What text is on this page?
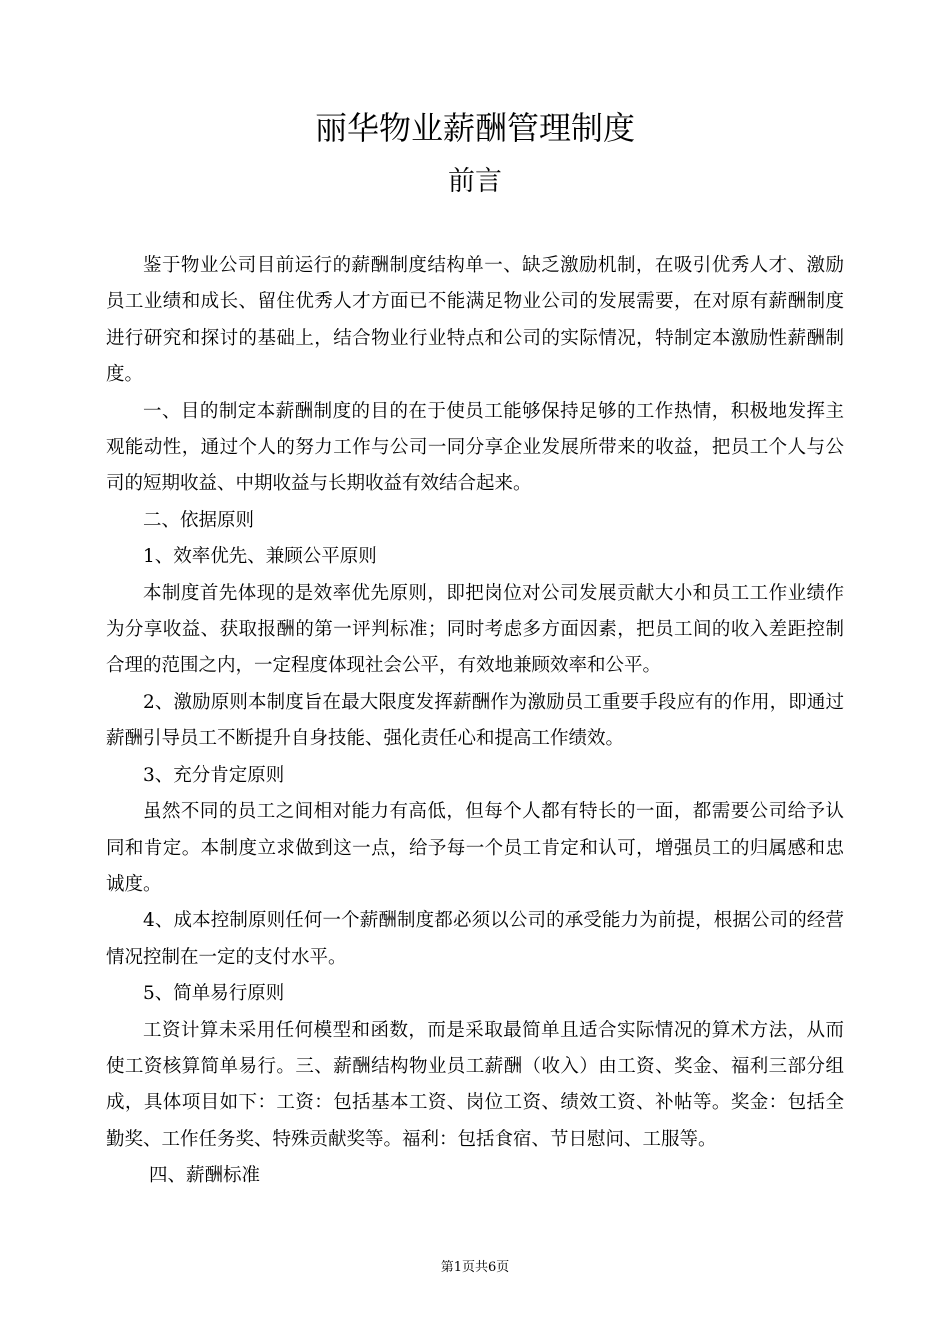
丽华物业薪酬管理制度
前言

鉴于物业公司目前运行的薪酬制度结构单一、缺乏激励机制，在吸引优秀人才、激励员工业绩和成长、留住优秀人才方面已不能满足物业公司的发展需要，在对原有薪酬制度进行研究和探讨的基础上，结合物业行业特点和公司的实际情况，特制定本激励性薪酬制度。

一、目的制定本薪酬制度的目的在于使员工能够保持足够的工作热情，积极地发挥主观能动性，通过个人的努力工作与公司一同分享企业发展所带来的收益，把员工个人与公司的短期收益、中期收益与长期收益有效结合起来。

二、依据原则

1、效率优先、兼顾公平原则

本制度首先体现的是效率优先原则，即把岗位对公司发展贡献大小和员工工作业绩作为分享收益、获取报酬的第一评判标准；同时考虑多方面因素，把员工间的收入差距控制合理的范围之内，一定程度体现社会公平，有效地兼顾效率和公平。

2、激励原则本制度旨在最大限度发挥薪酬作为激励员工重要手段应有的作用，即通过薪酬引导员工不断提升自身技能、强化责任心和提高工作绩效。

3、充分肯定原则

虽然不同的员工之间相对能力有高低，但每个人都有特长的一面，都需要公司给予认同和肯定。本制度立求做到这一点，给予每一个员工肯定和认可，增强员工的归属感和忠诚度。

4、成本控制原则任何一个薪酬制度都必须以公司的承受能力为前提，根据公司的经营情况控制在一定的支付水平。

5、简单易行原则

工资计算未采用任何模型和函数，而是采取最简单且适合实际情况的算术方法，从而使工资核算简单易行。三、薪酬结构物业员工薪酬（收入）由工资、奖金、福利三部分组成，具体项目如下：工资：包括基本工资、岗位工资、绩效工资、补帖等。奖金：包括全勤奖、工作任务奖、特殊贡献奖等。福利：包括食宿、节日慰问、工服等。

四、薪酬标准

第1页共6页
